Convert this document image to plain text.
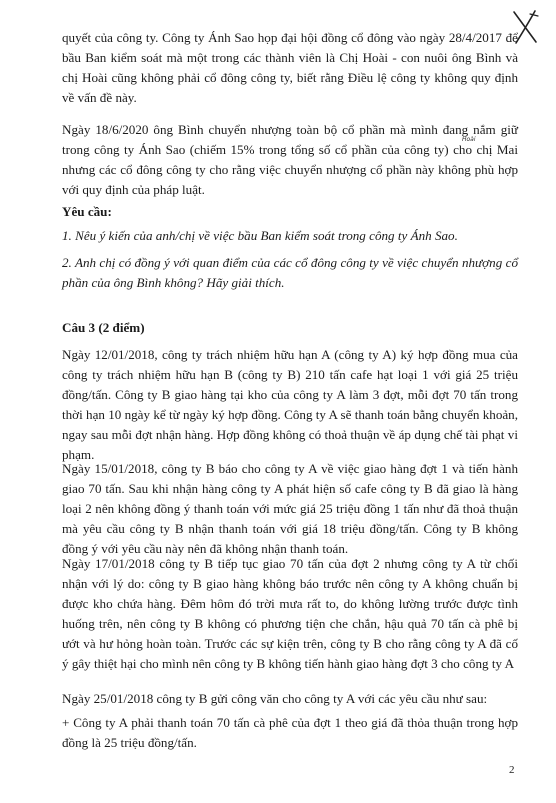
quyết của công ty. Công ty Ánh Sao họp đại hội đồng cổ đông vào ngày 28/4/2017 để bầu Ban kiểm soát mà một trong các thành viên là Chị Hoài - con nuôi ông Bình và chị Hoài cũng không phải cổ đông công ty, biết rằng Điều lệ công ty không quy định về vấn đề này.
Ngày 18/6/2020 ông Bình chuyển nhượng toàn bộ cổ phần mà mình đang nắm giữ trong công ty Ánh Sao (chiếm 15% trong tổng số cổ phần của công ty) cho chị Mai nhưng các cổ đông công ty cho rằng việc chuyển nhượng cổ phần này không phù hợp với quy định của pháp luật.
Hoài
Yêu cầu:
1. Nêu ý kiến của anh/chị về việc bầu Ban kiểm soát trong công ty Ánh Sao.
2. Anh chị có đồng ý với quan điểm của các cổ đông công ty về việc chuyển nhượng cổ phần của ông Bình không? Hãy giải thích.
Câu 3 (2 điểm)
Ngày 12/01/2018, công ty trách nhiệm hữu hạn A (công ty A) ký hợp đồng mua của công ty trách nhiệm hữu hạn B (công ty B) 210 tấn cafe hạt loại 1 với giá 25 triệu đồng/tấn. Công ty B giao hàng tại kho của công ty A làm 3 đợt, mỗi đợt 70 tấn trong thời hạn 10 ngày kể từ ngày ký hợp đồng. Công ty A sẽ thanh toán bằng chuyển khoản, ngay sau mỗi đợt nhận hàng. Hợp đồng không có thoả thuận về áp dụng chế tài phạt vi phạm.
Ngày 15/01/2018, công ty B báo cho công ty A về việc giao hàng đợt 1 và tiến hành giao 70 tấn. Sau khi nhận hàng công ty A phát hiện số cafe công ty B đã giao là hàng loại 2 nên không đồng ý thanh toán với mức giá 25 triệu đồng 1 tấn như đã thoả thuận mà yêu cầu công ty B nhận thanh toán với giá 18 triệu đồng/tấn. Công ty B không đồng ý với yêu cầu này nên đã không nhận thanh toán.
Ngày 17/01/2018 công ty B tiếp tục giao 70 tấn của đợt 2 nhưng công ty A từ chối nhận với lý do: công ty B giao hàng không báo trước nên công ty A không chuẩn bị được kho chứa hàng. Đêm hôm đó trời mưa rất to, do không lường trước được tình huống trên, nên công ty B không có phương tiện che chắn, hậu quả 70 tấn cà phê bị ướt và hư hỏng hoàn toàn. Trước các sự kiện trên, công ty B cho rằng công ty A đã cố ý gây thiệt hại cho mình nên công ty B không tiến hành giao hàng đợt 3 cho công ty A
Ngày 25/01/2018 công ty B gửi công văn cho công ty A với các yêu cầu như sau:
+ Công ty A phải thanh toán 70 tấn cà phê của đợt 1 theo giá đã thỏa thuận trong hợp đồng là 25 triệu đồng/tấn.
2
